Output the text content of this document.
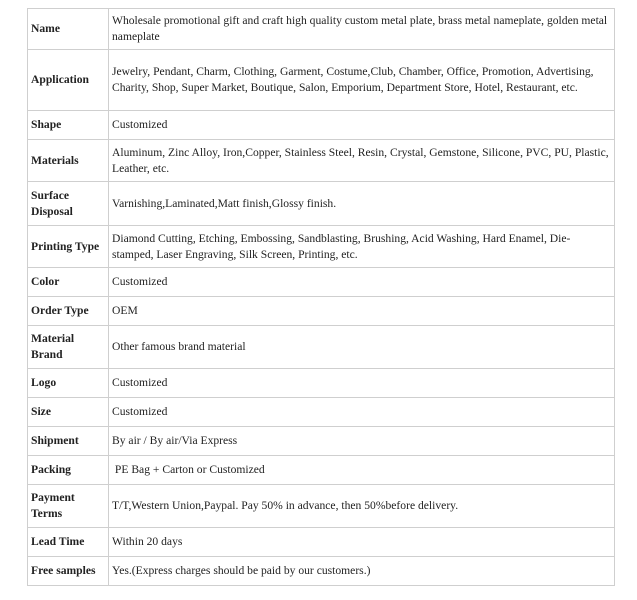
Name	Wholesale promotional gift and craft high quality custom metal plate, brass metal nameplate, golden metal nameplate
Application	Jewelry, Pendant, Charm, Clothing, Garment, Costume,Club, Chamber, Office, Promotion, Advertising, Charity, Shop, Super Market, Boutique, Salon, Emporium, Department Store, Hotel, Restaurant, etc.
Shape	Customized
Materials	Aluminum, Zinc Alloy, Iron,Copper, Stainless Steel, Resin, Crystal, Gemstone, Silicone, PVC, PU, Plastic, Leather, etc.
Surface Disposal	Varnishing,Laminated,Matt finish,Glossy finish.
Printing Type	Diamond Cutting, Etching, Embossing, Sandblasting, Brushing, Acid Washing, Hard Enamel, Die-stamped, Laser Engraving, Silk Screen, Printing, etc.
Color	Customized
Order Type	OEM
Material Brand	Other famous brand material
Logo	Customized
Size	Customized
Shipment	By air / By air/Via Express
Packing	PE Bag + Carton or Customized
Payment Terms	T/T,Western Union,Paypal. Pay 50% in advance, then 50%before delivery.
Lead Time	Within 20 days
Free samples	Yes.(Express charges should be paid by our customers.)
